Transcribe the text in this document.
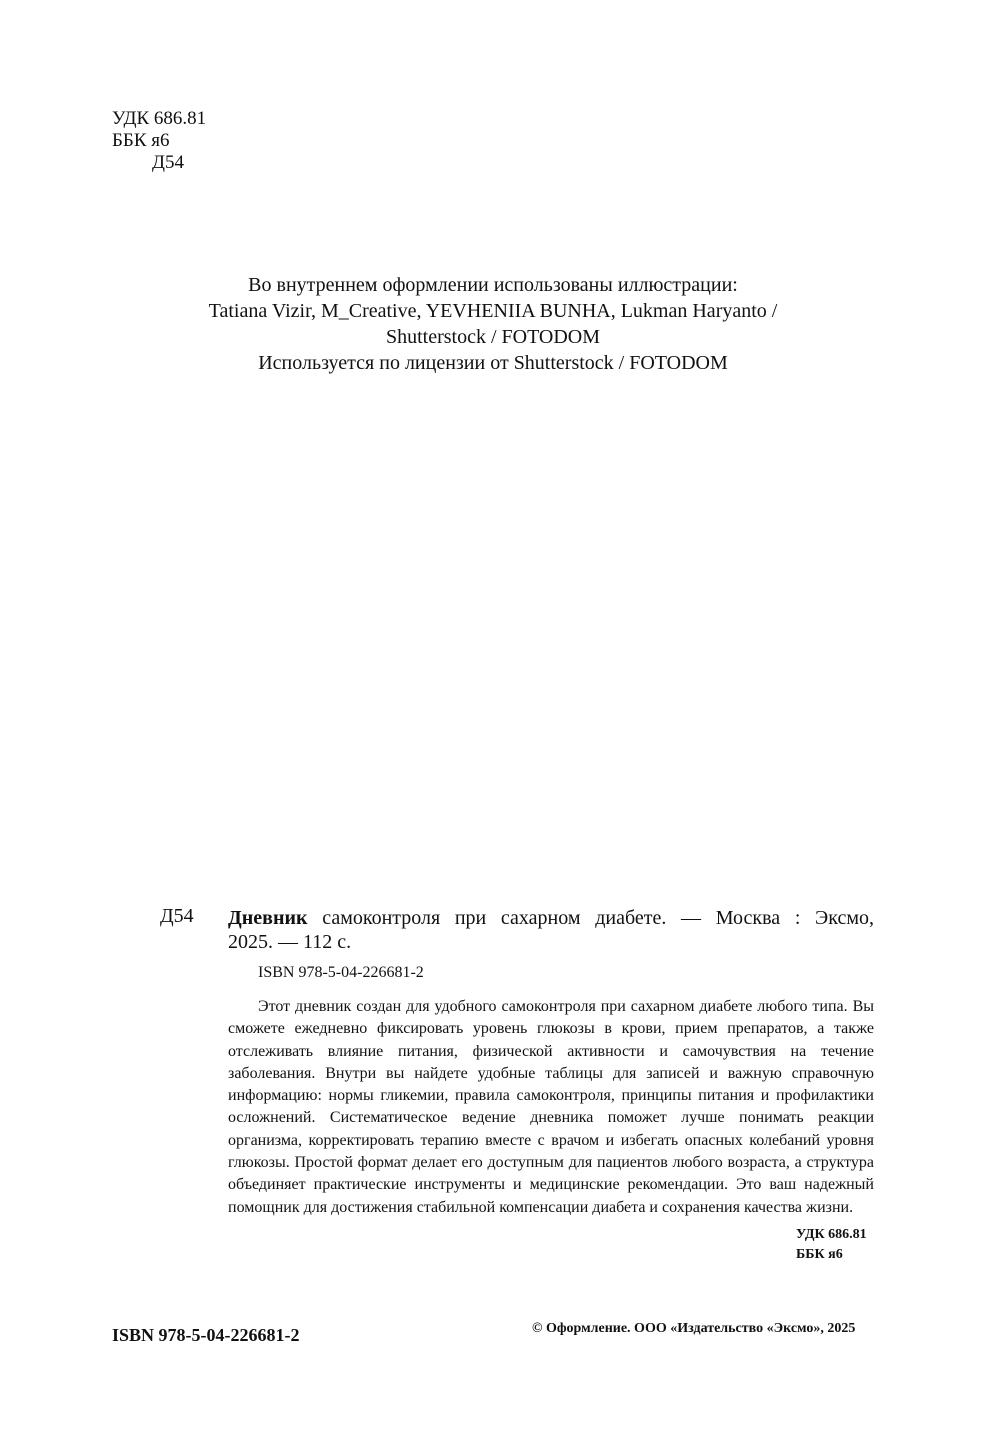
УДК 686.81
ББК я6
Д54
Во внутреннем оформлении использованы иллюстрации:
Tatiana Vizir, M_Creative, YEVHENIIA BUNHA, Lukman Haryanto /
Shutterstock / FOTODOM
Используется по лицензии от Shutterstock / FOTODOM
Д54 Дневник самоконтроля при сахарном диабете. — Москва : Эксмо,
2025. — 112 с.
ISBN 978-5-04-226681-2

Этот дневник создан для удобного самоконтроля при сахарном диабете любого типа. Вы сможете ежедневно фиксировать уровень глюкозы в крови, прием препаратов, а также отслеживать влияние питания, физической активности и самочувствия на течение заболевания. Внутри вы найдете удобные таблицы для записей и важную справочную информацию: нормы гликемии, правила самоконтроля, принципы питания и профилактики осложнений. Систематическое ведение дневника поможет лучше понимать реакции организма, корректировать терапию вместе с врачом и избегать опасных колебаний уровня глюкозы. Простой формат делает его доступным для пациентов любого возраста, а структура объединяет практические инструменты и медицинские рекомендации. Это ваш надежный помощник для достижения стабильной компенсации диабета и сохранения качества жизни.

УДК 686.81
ББК я6
ISBN 978-5-04-226681-2	© Оформление. ООО «Издательство «Эксмо», 2025
